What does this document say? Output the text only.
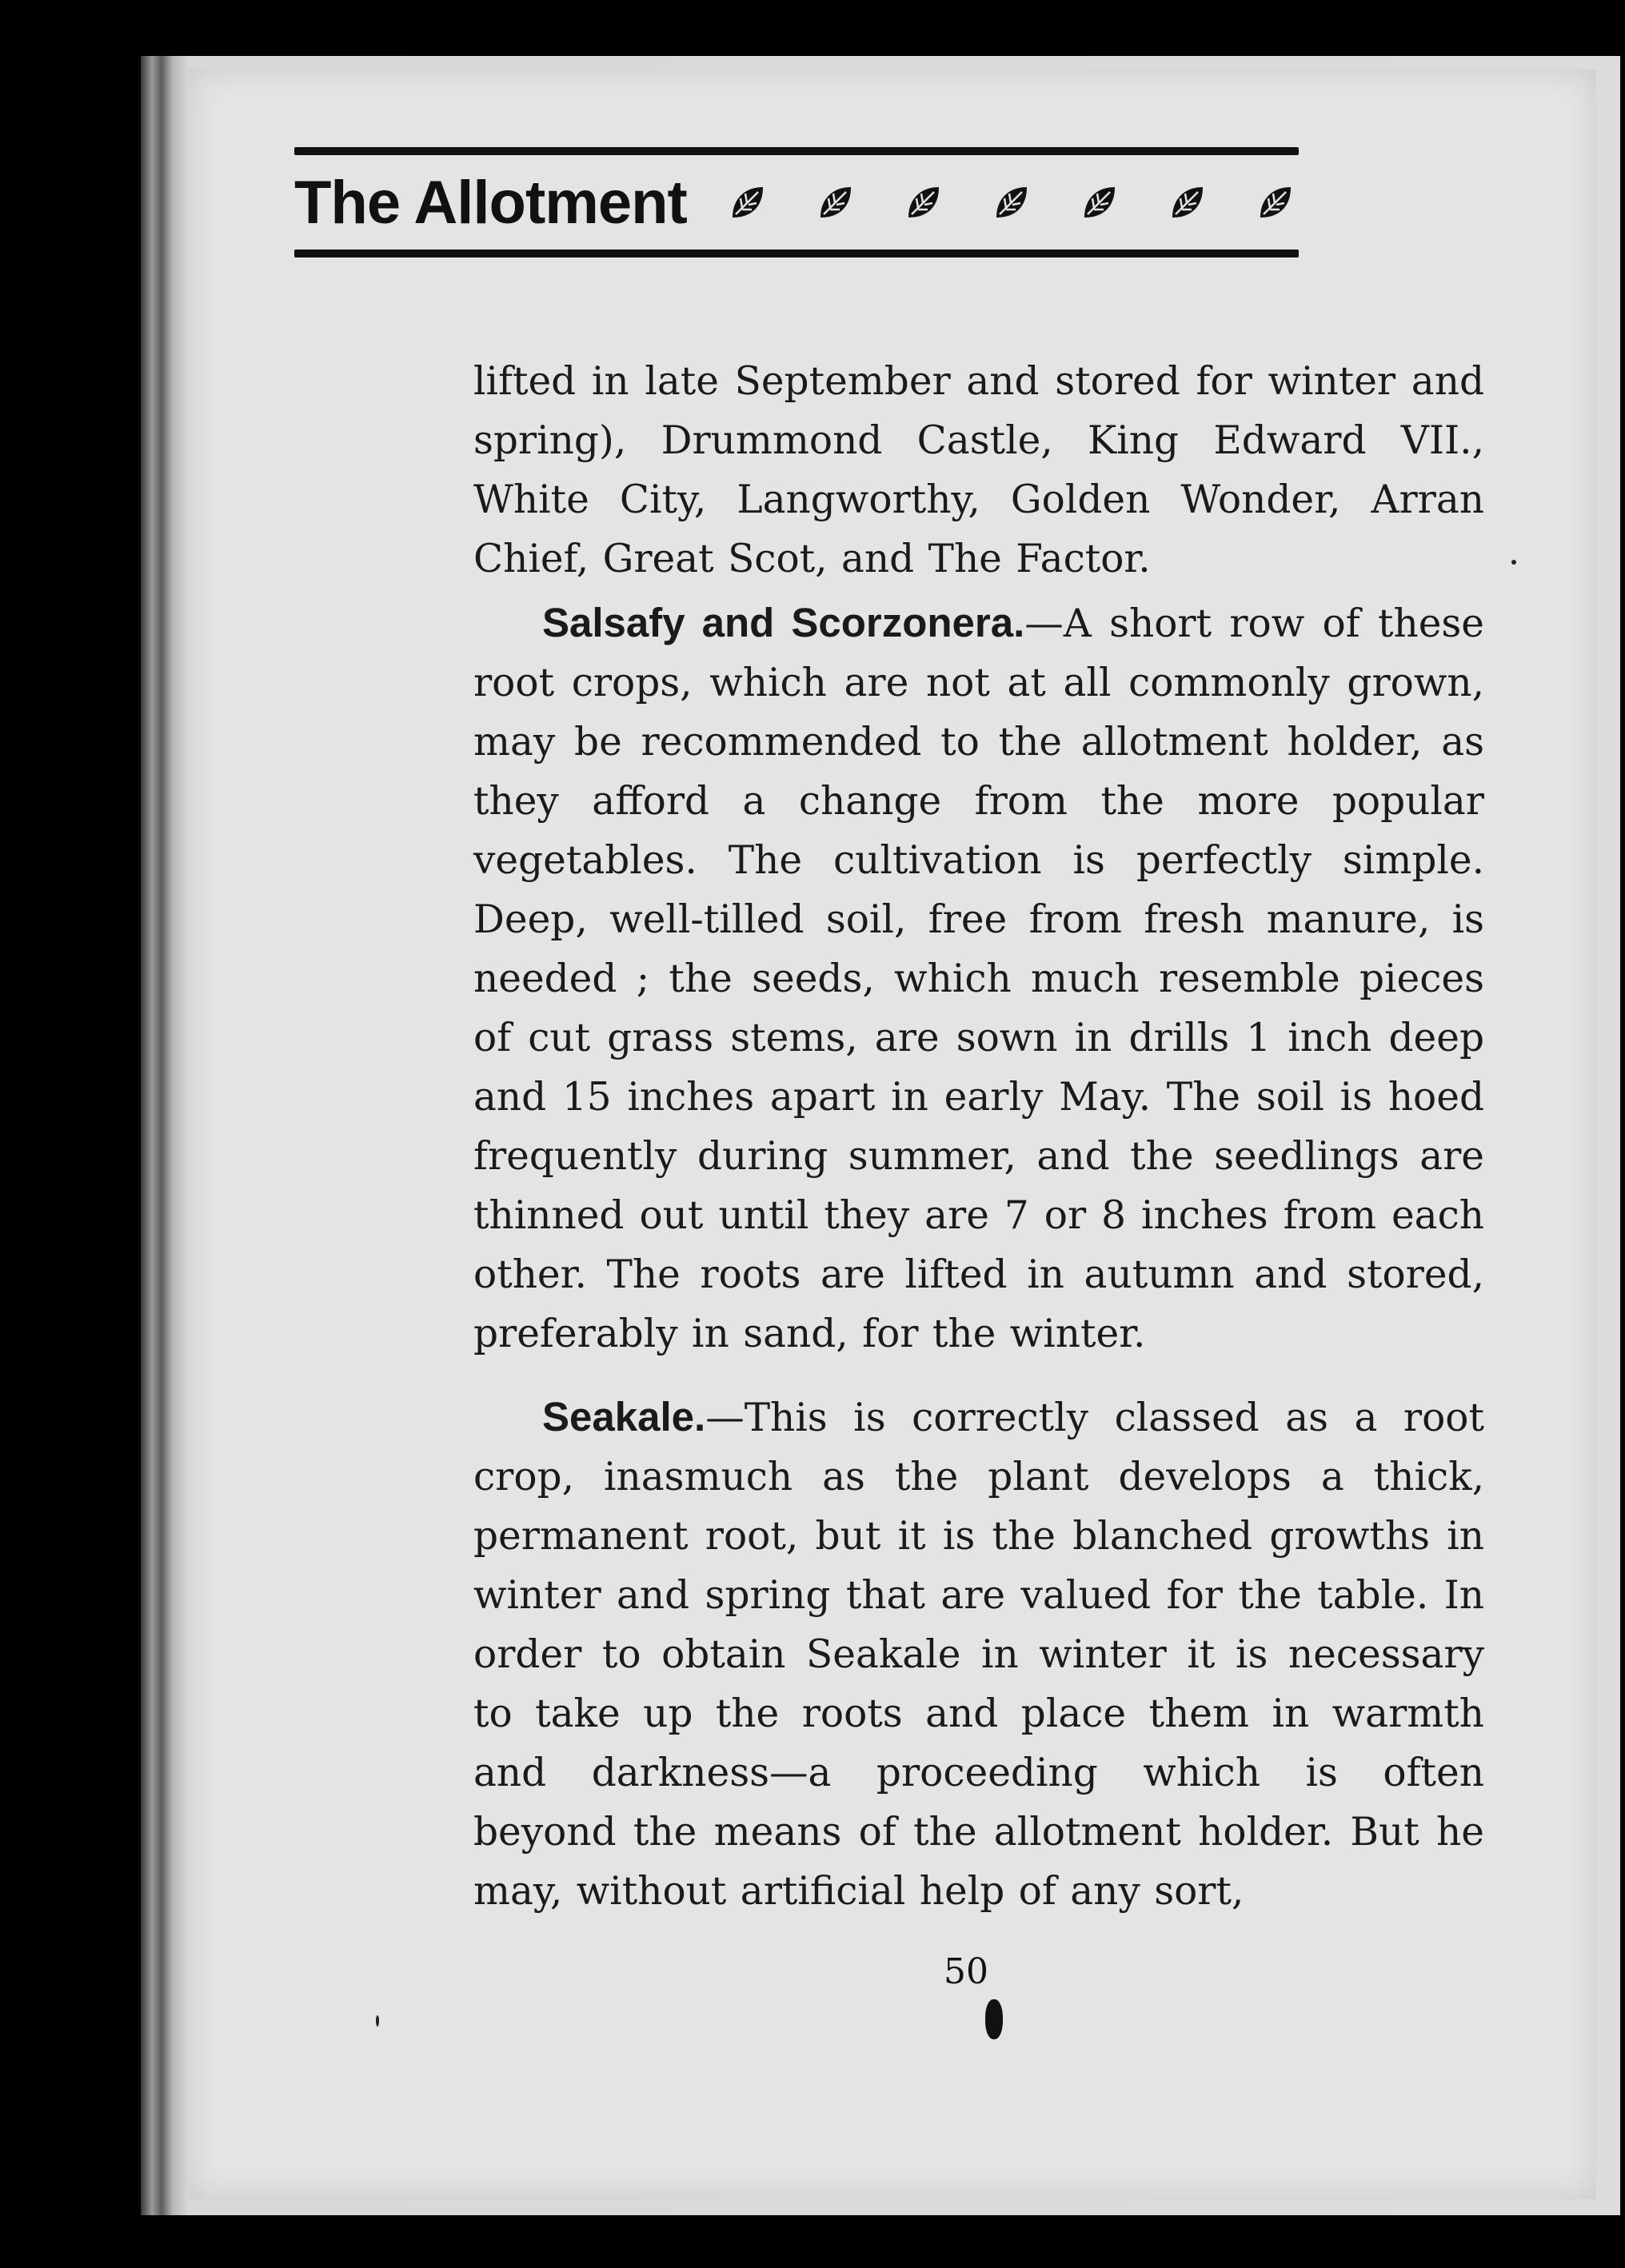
The Allotment

lifted in late September and stored for winter and spring), Drummond Castle, King Edward VII., White City, Langworthy, Golden Wonder, Arran Chief, Great Scot, and The Factor.

Salsafy and Scorzonera.—A short row of these root crops, which are not at all commonly grown, may be recommended to the allotment holder, as they afford a change from the more popular vegetables. The cultivation is perfectly simple. Deep, well-tilled soil, free from fresh manure, is needed ; the seeds, which much resemble pieces of cut grass stems, are sown in drills 1 inch deep and 15 inches apart in early May. The soil is hoed frequently during summer, and the seedlings are thinned out until they are 7 or 8 inches from each other. The roots are lifted in autumn and stored, preferably in sand, for the winter.

Seakale.—This is correctly classed as a root crop, inasmuch as the plant develops a thick, permanent root, but it is the blanched growths in winter and spring that are valued for the table. In order to obtain Seakale in winter it is necessary to take up the roots and place them in warmth and darkness—a proceeding which is often beyond the means of the allotment holder. But he may, without artificial help of any sort,

50
